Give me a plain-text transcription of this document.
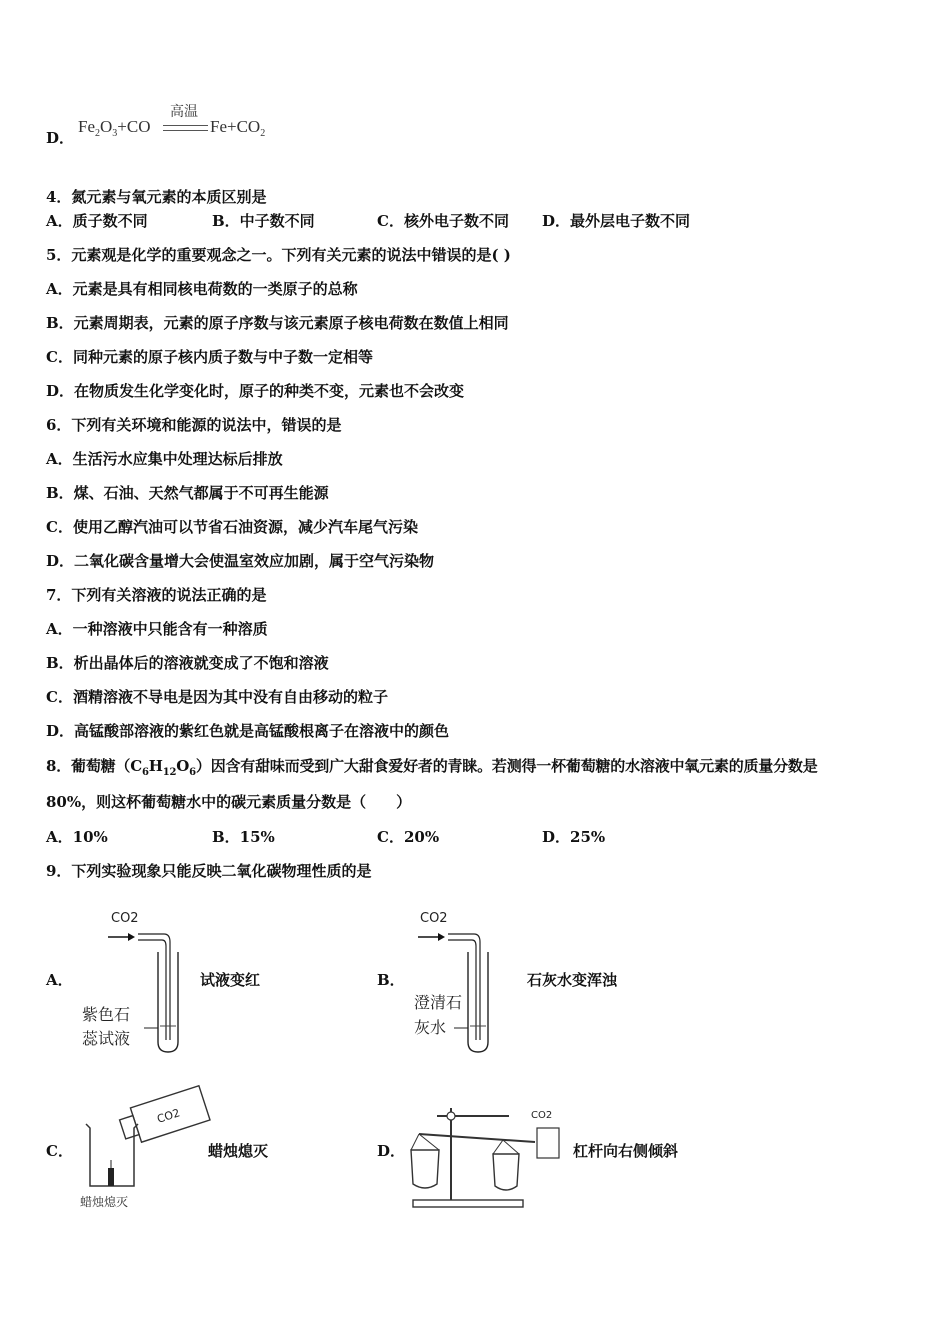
D．
$Fe_2O_3+CO$
高温
$Fe+CO_2$
4．氮元素与氧元素的本质区别是
A．质子数不同	B．中子数不同	C．核外电子数不同 D．最外层电子数不同
5．元素观是化学的重要观念之一。下列有关元素的说法中错误的是( )
A．元素是具有相同核电荷数的一类原子的总称
B．元素周期表，元素的原子序数与该元素原子核电荷数在数值上相同
C．同种元素的原子核内质子数与中子数一定相等
D．在物质发生化学变化时，原子的种类不变，元素也不会改变
6．下列有关环境和能源的说法中，错误的是
A．生活污水应集中处理达标后排放
B．煤、石油、天然气都属于不可再生能源
C．使用乙醇汽油可以节省石油资源，减少汽车尾气污染
D．二氧化碳含量增大会使温室效应加剧，属于空气污染物
7．下列有关溶液的说法正确的是
A．一种溶液中只能含有一种溶质
B．析出晶体后的溶液就变成了不饱和溶液
C．酒精溶液不导电是因为其中没有自由移动的粒子
D．高锰酸部溶液的紫红色就是高锰酸根离子在溶液中的颜色
8．葡萄糖$(C_6H_{12}O_6)$因含有甜味而受到广大甜食爱好者的青睐。若测得一杯葡萄糖的水溶液中氧元素的质量分数是
80%，则这杯葡萄糖水中的碳元素质量分数是（　　）
A．10%	B．15%	C．20%	D．25%
9．下列实验现象只能反映二氧化碳物理性质的是
A．	试液变红	B．	石灰水变浑浊
C．	蜡烛熄灭	D．	杠杆向右侧倾斜
CO2
紫色石
蕊试液
CO2
澄清石
灰水
CO2
蜡烛熄灭
CO2
